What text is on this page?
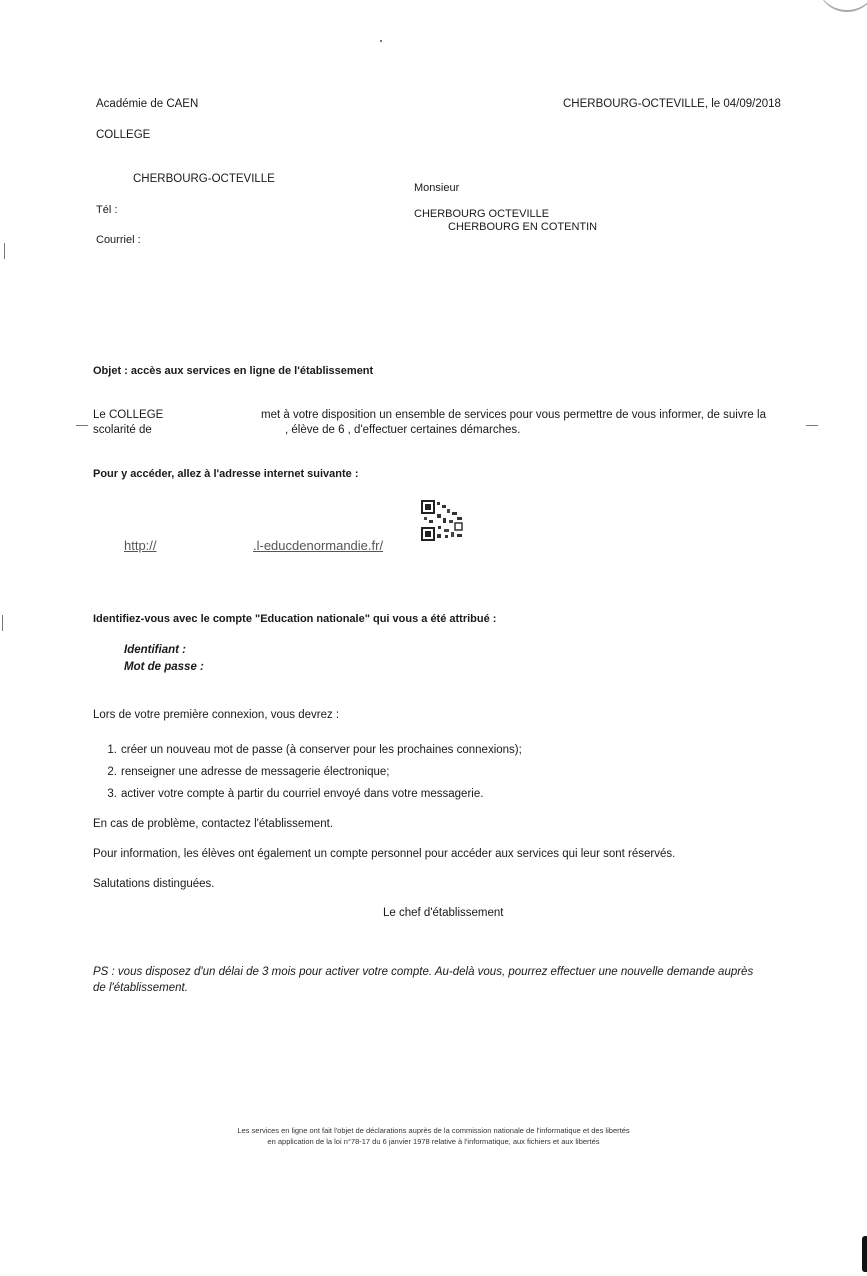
Académie de CAEN	CHERBOURG-OCTEVILLE, le 04/09/2018
COLLEGE
CHERBOURG-OCTEVILLE
Tél :
Courriel :
Monsieur
CHERBOURG OCTEVILLE
CHERBOURG EN COTENTIN
Objet : accès aux services en ligne de l'établissement
Le COLLEGE	met à votre disposition un ensemble de services pour vous permettre de vous informer, de suivre la
scolarité de	, élève de 6 , d'effectuer certaines démarches.
Pour y accéder, allez à l'adresse internet suivante :
http://	.l-educdenormandie.fr/
Identifiez-vous avec le compte "Education nationale" qui vous a été attribué :
Identifiant :
Mot de passe :
Lors de votre première connexion, vous devrez :
1. créer un nouveau mot de passe (à conserver pour les prochaines connexions);
2. renseigner une adresse de messagerie électronique;
3. activer votre compte à partir du courriel envoyé dans votre messagerie.
En cas de problème, contactez l'établissement.
Pour information, les élèves ont également un compte personnel pour accéder aux services qui leur sont réservés.
Salutations distinguées.
Le chef d'établissement
PS : vous disposez d'un délai de 3 mois pour activer votre compte. Au-delà vous, pourrez effectuer une nouvelle demande auprès
de l'établissement.
Les services en ligne ont fait l'objet de déclarations auprès de la commission nationale de l'informatique et des libertés
en application de la loi n°78-17 du 6 janvier 1978 relative à l'informatique, aux fichiers et aux libertés
